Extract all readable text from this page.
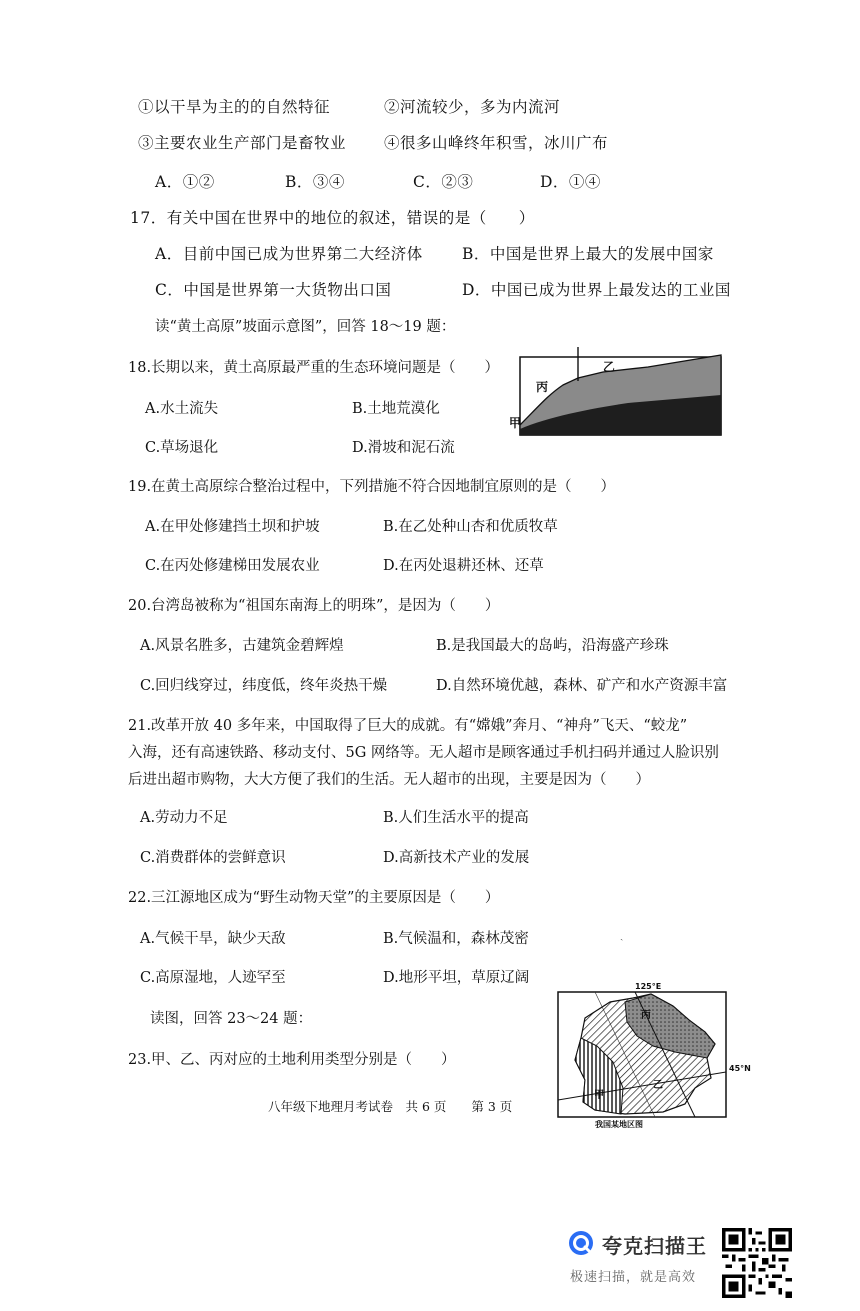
①以干旱为主的的自然特征	②河流较少，多为内流河
③主要农业生产部门是畜牧业 ④很多山峰终年积雪，冰川广布
A．①②	B．③④	C．②③	D．①④
17．有关中国在世界中的地位的叙述，错误的是（　　）
A．目前中国已成为世界第二大经济体	B．中国是世界上最大的发展中国家
C．中国是世界第一大货物出口国	D．中国已成为世界上最发达的工业国
读“黄土高原”坡面示意图”，回答 18～19 题：
18.长期以来，黄土高原最严重的生态环境问题是（　　）
A.水土流失	B.土地荒漠化
C.草场退化	D.滑坡和泥石流
丙
乙
甲
19.在黄土高原综合整治过程中，下列措施不符合因地制宜原则的是（　　）
A.在甲处修建挡土坝和护坡	B.在乙处种山杏和优质牧草
C.在丙处修建梯田发展农业	D.在丙处退耕还林、还草
20.台湾岛被称为“祖国东南海上的明珠”，是因为（　　）
A.风景名胜多，古建筑金碧辉煌	B.是我国最大的岛屿，沿海盛产珍珠
C.回归线穿过，纬度低，终年炎热干燥	D.自然环境优越，森林、矿产和水产资源丰富
21.改革开放 40 多年来，中国取得了巨大的成就。有“嫦娥”奔月、“神舟”飞天、“蛟龙”
入海，还有高速铁路、移动支付、5G 网络等。无人超市是顾客通过手机扫码并通过人脸识别
后进出超市购物，大大方便了我们的生活。无人超市的出现，主要是因为（　　）
A.劳动力不足	B.人们生活水平的提高
C.消费群体的尝鲜意识	D.高新技术产业的发展
22.三江源地区成为“野生动物天堂”的主要原因是（　　）
A.气候干旱，缺少天敌	B.气候温和，森林茂密
C.高原湿地，人迹罕至	D.地形平坦，草原辽阔
读图，回答 23～24 题：
23.甲、乙、丙对应的土地利用类型分别是（　　）
125°E
45°N
丙
甲
乙
我国某地区图
ˎ
八年级下地理月考试卷　共 6 页　　第 3 页
夸克扫描王
极速扫描，就是高效
